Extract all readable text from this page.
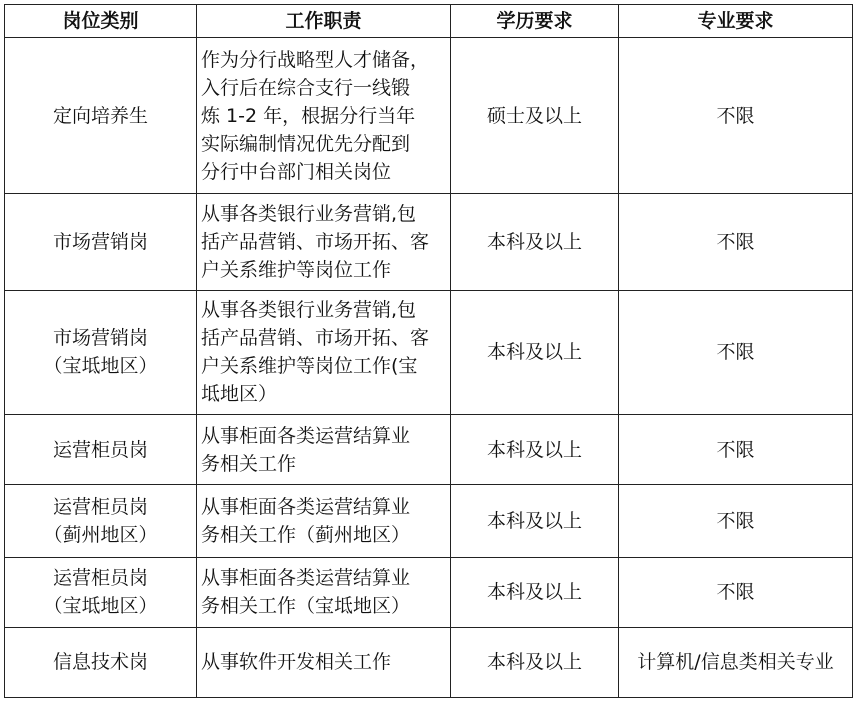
岗位类别	工作职责	学历要求	专业要求

定向培养生	作为分行战略型人才储备，
入行后在综合支行一线锻
炼 1-2 年，根据分行当年
实际编制情况优先分配到
分行中台部门相关岗位	硕士及以上	不限

市场营销岗	从事各类银行业务营销,包
括产品营销、市场开拓、客
户关系维护等岗位工作	本科及以上	不限

市场营销岗
（宝坻地区）	从事各类银行业务营销,包
括产品营销、市场开拓、客
户关系维护等岗位工作(宝
坻地区）	本科及以上	不限

运营柜员岗	从事柜面各类运营结算业
务相关工作	本科及以上	不限

运营柜员岗
（蓟州地区）	从事柜面各类运营结算业
务相关工作（蓟州地区）	本科及以上	不限

运营柜员岗
（宝坻地区）	从事柜面各类运营结算业
务相关工作（宝坻地区）	本科及以上	不限

信息技术岗	从事软件开发相关工作	本科及以上	计算机/信息类相关专业
